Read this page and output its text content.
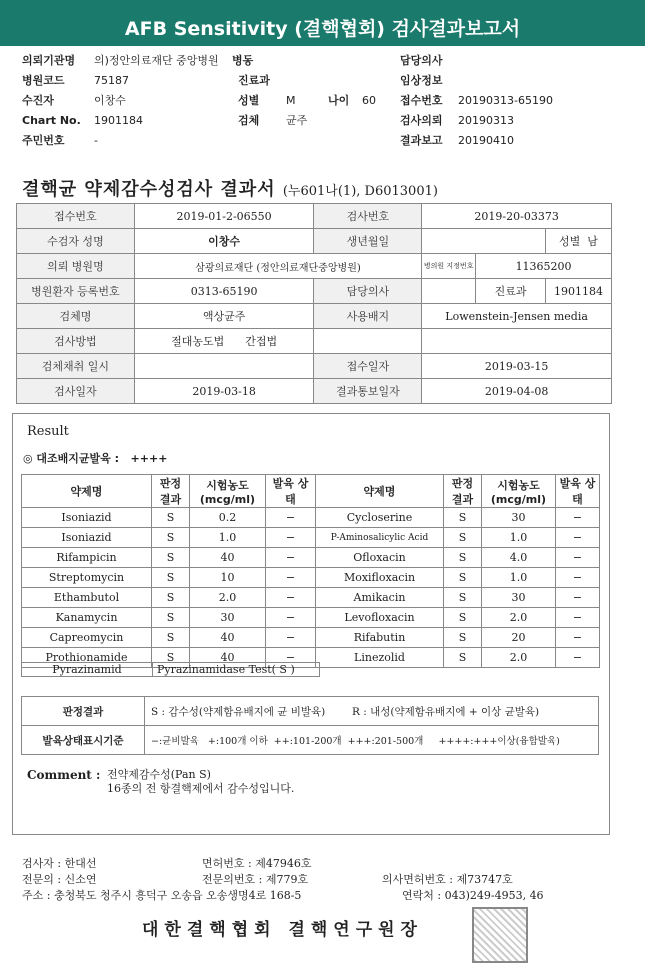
AFB Sensitivity (결핵협회) 검사결과보고서
의뢰기관명 의)정안의료재단 중앙병원 병동	담당의사
병원코드	75187	진료과	임상정보
수진자	이창수	성별 M	나이 60 접수번호 20190313-65190
Chart No. 1901184	검체 균주	검사의뢰 20190313
주민번호	-	결과보고 20190410
결핵균 약제감수성검사 결과서 (누601나(1), D6013001)
접수번호	2019-01-2-06550	검사번호	2019-20-03373		
수검자 성명	이창수	생년월일			성별 남
의뢰 병원명	삼광의료재단 (정안의료재단중앙병원)		병의원 지정번호	11365200	
병원환자 등록번호	0313-65190	담당의사		진료과	1901184
검체명	액상균주	사용배지	Lowenstein-Jensen media		
검사방법	절대농도법 간접법				
검체채취 일시		접수일자	2019-03-15		
검사일자	2019-03-18	결과통보일자	2019-04-08		
Result
◎ 대조배지균발육 : ++++
약제명	판정 결과	시험농도 (mcg/ml)	발육 상태	약제명	판정 결과	시험농도 (mcg/ml)	발육 상태
Isoniazid	S	0.2	−	Cycloserine	S	30	−
Isoniazid	S	1.0	−	P-Aminosalicylic Acid	S	1.0	−
Rifampicin	S	40	−	Ofloxacin	S	4.0	−
Streptomycin	S	10	−	Moxifloxacin	S	1.0	−
Ethambutol	S	2.0	−	Amikacin	S	30	−
Kanamycin	S	30	−	Levofloxacin	S	2.0	−
Capreomycin	S	40	−	Rifabutin	S	20	−
Prothionamide	S	40	−	Linezolid	S	2.0	−
Pyrazinamid	Pyrazinamidase Test( S )
판정결과	S : 감수성(약제함유배지에 균 비발육) R : 내성(약제함유배지에 + 이상 균발육)
발육상태표시기준	−:균비발육   +:100개 이하  ++:101-200개  +++:201-500개     ++++:+++이상(융합발육)
Comment : 전약제감수성(Pan S)
16종의 전 항결핵제에서 감수성입니다.
검사자 : 한대선	면허번호 : 제47946호
전문의 : 신소연	전문의번호 : 제779호	의사면허번호 : 제73747호
주소 : 충청북도 청주시 흥덕구 오송읍 오송생명4로 168-5	연락처 : 043)249-4953, 46
대한결핵협회 결핵연구원장
